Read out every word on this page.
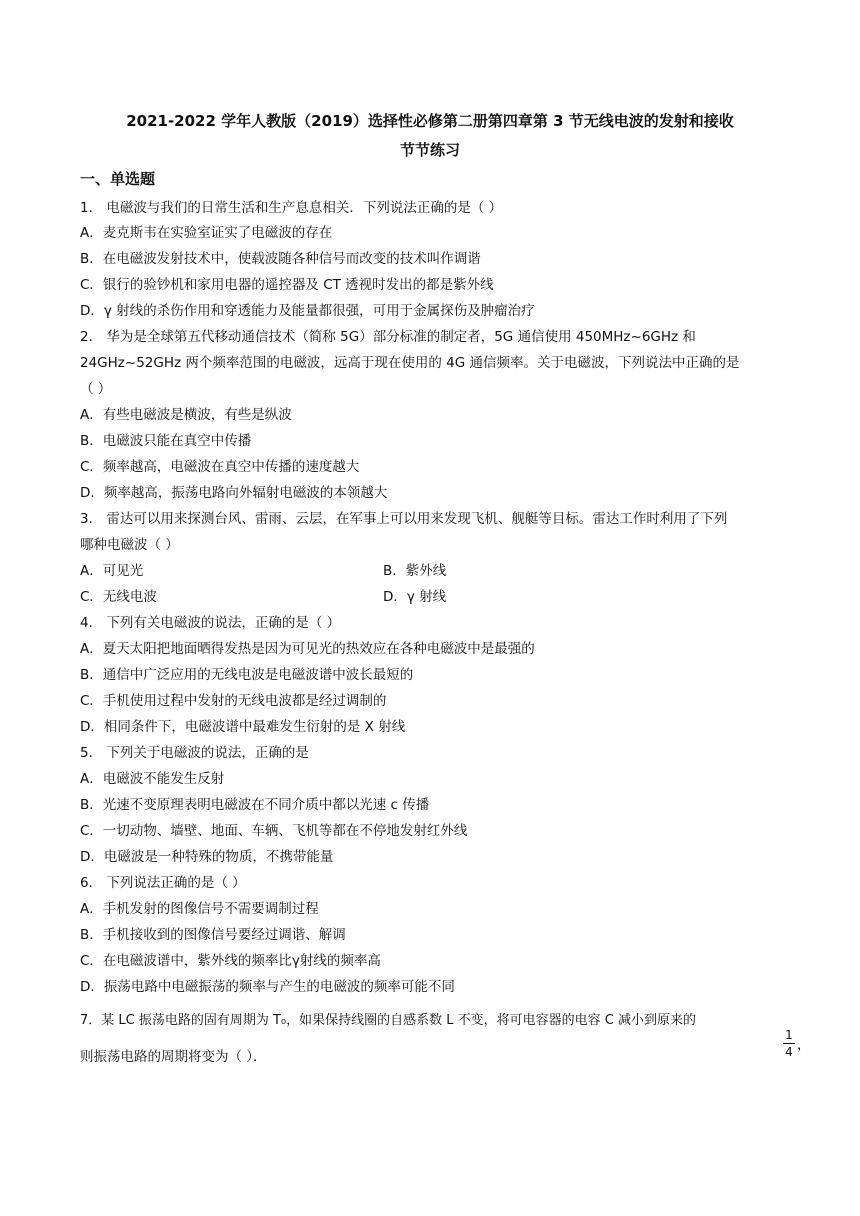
2021-2022 学年人教版（2019）选择性必修第二册第四章第 3 节无线电波的发射和接收
节节练习
一、单选题
1． 电磁波与我们的日常生活和生产息息相关．下列说法正确的是（ ）
A．麦克斯韦在实验室证实了电磁波的存在
B．在电磁波发射技术中，使载波随各种信号而改变的技术叫作调谐
C．银行的验钞机和家用电器的遥控器及 CT 透视时发出的都是紫外线
D．γ 射线的杀伤作用和穿透能力及能量都很强，可用于金属探伤及肿瘤治疗
2． 华为是全球第五代移动通信技术（简称 5G）部分标准的制定者，5G 通信使用 450MHz~6GHz 和
24GHz~52GHz 两个频率范围的电磁波，远高于现在使用的 4G 通信频率。关于电磁波，下列说法中正确的是
（ ）
A．有些电磁波是横波，有些是纵波
B．电磁波只能在真空中传播
C．频率越高，电磁波在真空中传播的速度越大
D．频率越高，振荡电路向外辐射电磁波的本领越大
3． 雷达可以用来探测台风、雷雨、云层，在军事上可以用来发现飞机、舰艇等目标。雷达工作时利用了下列
哪种电磁波（ ）
A．可见光	B．紫外线
C．无线电波	D．γ 射线
4． 下列有关电磁波的说法，正确的是（ ）
A．夏天太阳把地面晒得发热是因为可见光的热效应在各种电磁波中是最强的
B．通信中广泛应用的无线电波是电磁波谱中波长最短的
C．手机使用过程中发射的无线电波都是经过调制的
D．相同条件下，电磁波谱中最难发生衍射的是 X 射线
5． 下列关于电磁波的说法，正确的是
A．电磁波不能发生反射
B．光速不变原理表明电磁波在不同介质中都以光速 c 传播
C．一切动物、墙壁、地面、车辆、飞机等都在不停地发射红外线
D．电磁波是一种特殊的物质，不携带能量
6． 下列说法正确的是（ ）
A．手机发射的图像信号不需要调制过程
B．手机接收到的图像信号要经过调谐、解调
C．在电磁波谱中，紫外线的频率比γ射线的频率高
D．振荡电路中电磁振荡的频率与产生的电磁波的频率可能不同
7．某 LC 振荡电路的固有周期为 T₀，如果保持线圈的自感系数 L 不变，将可电容器的电容 C 减小到原来的
1
4 ，
则振荡电路的周期将变为（ ）．
